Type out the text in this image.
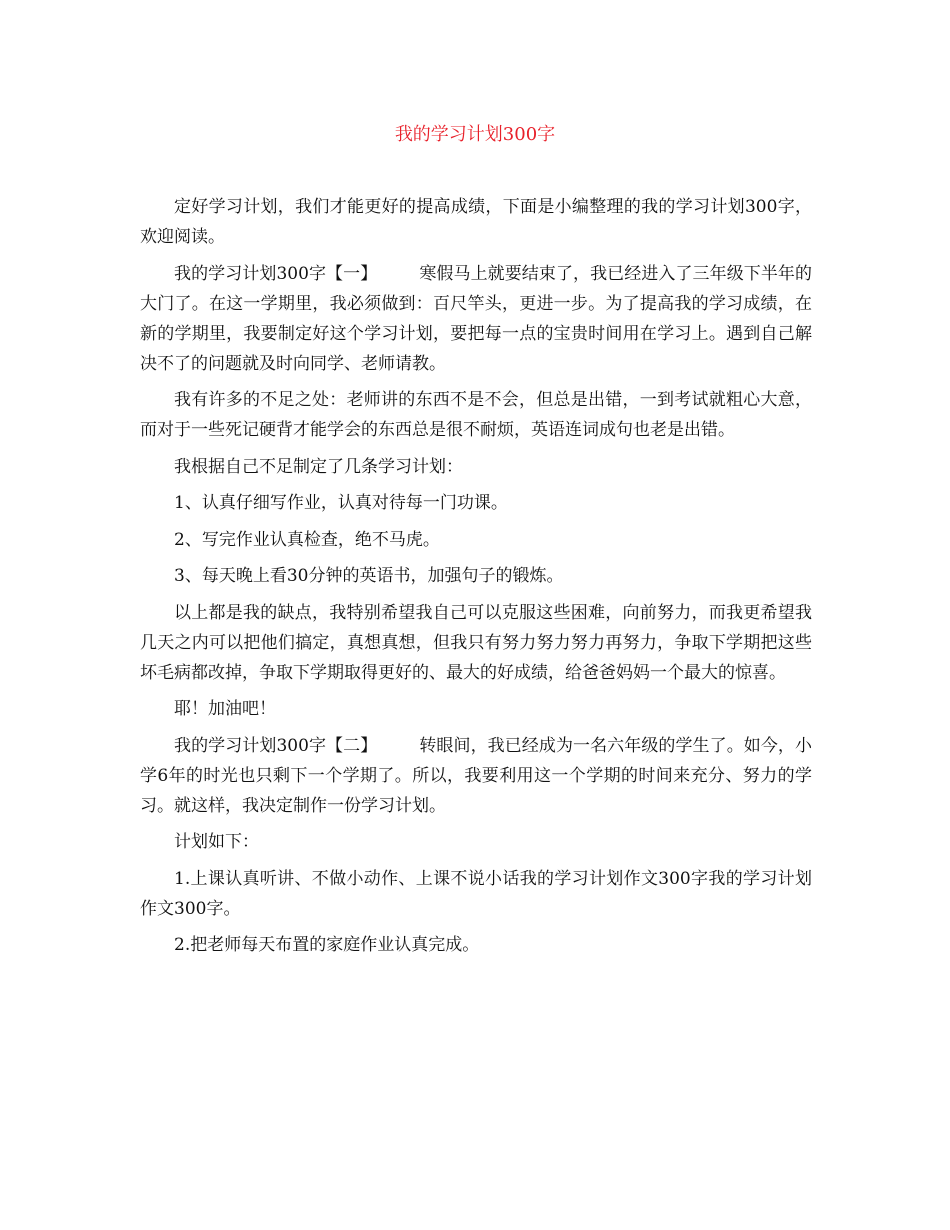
我的学习计划300字

定好学习计划，我们才能更好的提高成绩，下面是小编整理的我的学习计划300字，欢迎阅读。

我的学习计划300字【一】 寒假马上就要结束了，我已经进入了三年级下半年的大门了。在这一学期里，我必须做到：百尺竿头，更进一步。为了提高我的学习成绩，在新的学期里，我要制定好这个学习计划，要把每一点的宝贵时间用在学习上。遇到自己解决不了的问题就及时向同学、老师请教。

我有许多的不足之处：老师讲的东西不是不会，但总是出错，一到考试就粗心大意，而对于一些死记硬背才能学会的东西总是很不耐烦，英语连词成句也老是出错。

我根据自己不足制定了几条学习计划：

1、认真仔细写作业，认真对待每一门功课。

2、写完作业认真检查，绝不马虎。

3、每天晚上看30分钟的英语书，加强句子的锻炼。

以上都是我的缺点，我特别希望我自己可以克服这些困难，向前努力，而我更希望我几天之内可以把他们搞定，真想真想，但我只有努力努力努力再努力，争取下学期把这些坏毛病都改掉，争取下学期取得更好的、最大的好成绩，给爸爸妈妈一个最大的惊喜。

耶！加油吧！

我的学习计划300字【二】 转眼间，我已经成为一名六年级的学生了。如今，小学6年的时光也只剩下一个学期了。所以，我要利用这一个学期的时间来充分、努力的学习。就这样，我决定制作一份学习计划。

计划如下：

1.上课认真听讲、不做小动作、上课不说小话我的学习计划作文300字我的学习计划作文300字。

2.把老师每天布置的家庭作业认真完成。
